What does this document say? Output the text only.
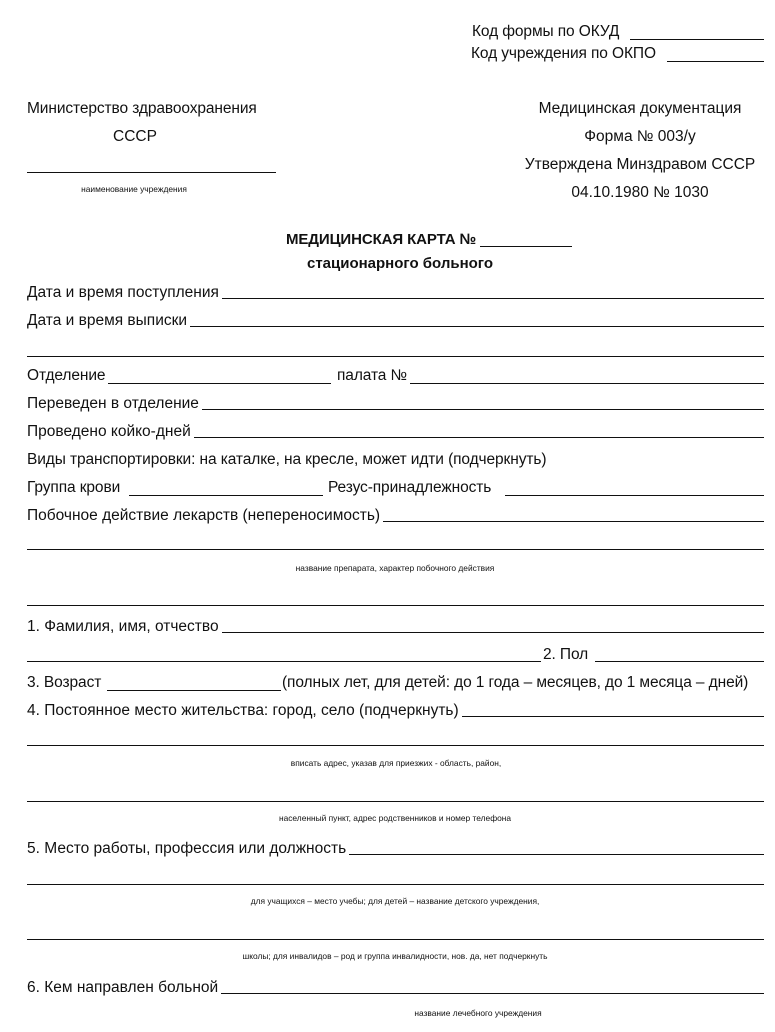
Код формы по ОКУД
Код учреждения по ОКПО
Министерство здравоохранения
СССР
наименование учреждения
Медицинская документация
Форма № 003/у
Утверждена Минздравом СССР
04.10.1980 № 1030
МЕДИЦИНСКАЯ КАРТА №
стационарного больного
Дата и время поступления
Дата и время выписки
Отделение	палата №
Переведен в отделение
Проведено койко-дней
Виды транспортировки: на каталке, на кресле, может идти (подчеркнуть)
Группа крови	Резус-принадлежность
Побочное действие лекарств (непереносимость)
название препарата, характер побочного действия
1. Фамилия, имя, отчество
2. Пол
3. Возраст	(полных лет, для детей: до 1 года – месяцев, до 1 месяца – дней)
4. Постоянное место жительства: город, село (подчеркнуть)
вписать адрес, указав для приезжих - область, район,
населенный пункт, адрес родственников и номер телефона
5. Место работы, профессия или должность
для учащихся – место учебы; для детей – название детского учреждения,
школы; для инвалидов – род и группа инвалидности, нов. да, нет подчеркнуть
6. Кем направлен больной
название лечебного учреждения
